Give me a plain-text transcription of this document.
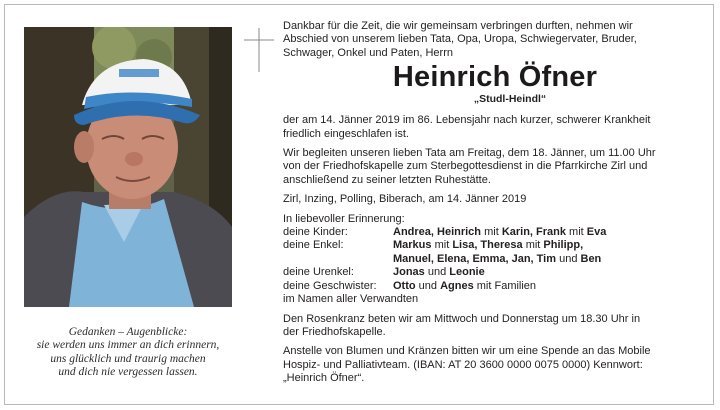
Gedanken – Augenblicke:
sie werden uns immer an dich erinnern,
uns glücklich und traurig machen
und dich nie vergessen lassen.

Dankbar für die Zeit, die wir gemeinsam verbringen durften, nehmen wir
Abschied von unserem lieben Tata, Opa, Uropa, Schwiegervater, Bruder,
Schwager, Onkel und Paten, Herrn

Heinrich Öfner
„Studl-Heindl“

der am 14. Jänner 2019 im 86. Lebensjahr nach kurzer, schwerer Krankheit
friedlich eingeschlafen ist.

Wir begleiten unseren lieben Tata am Freitag, dem 18. Jänner, um 11.00 Uhr
von der Friedhofskapelle zum Sterbegottesdienst in die Pfarrkirche Zirl und
anschließend zu seiner letzten Ruhestätte.

Zirl, Inzing, Polling, Biberach, am 14. Jänner 2019

In liebevoller Erinnerung:

deine Kinder:	Andrea, Heinrich mit Karin, Frank mit Eva
deine Enkel:	Markus mit Lisa, Theresa mit Philipp,
Manuel, Elena, Emma, Jan, Tim und Ben
deine Urenkel:	Jonas und Leonie
deine Geschwister:	Otto und Agnes mit Familien

im Namen aller Verwandten

Den Rosenkranz beten wir am Mittwoch und Donnerstag um 18.30 Uhr in
der Friedhofskapelle.

Anstelle von Blumen und Kränzen bitten wir um eine Spende an das Mobile
Hospiz- und Palliativteam. (IBAN: AT 20 3600 0000 0075 0000) Kennwort:
„Heinrich Öfner“.
